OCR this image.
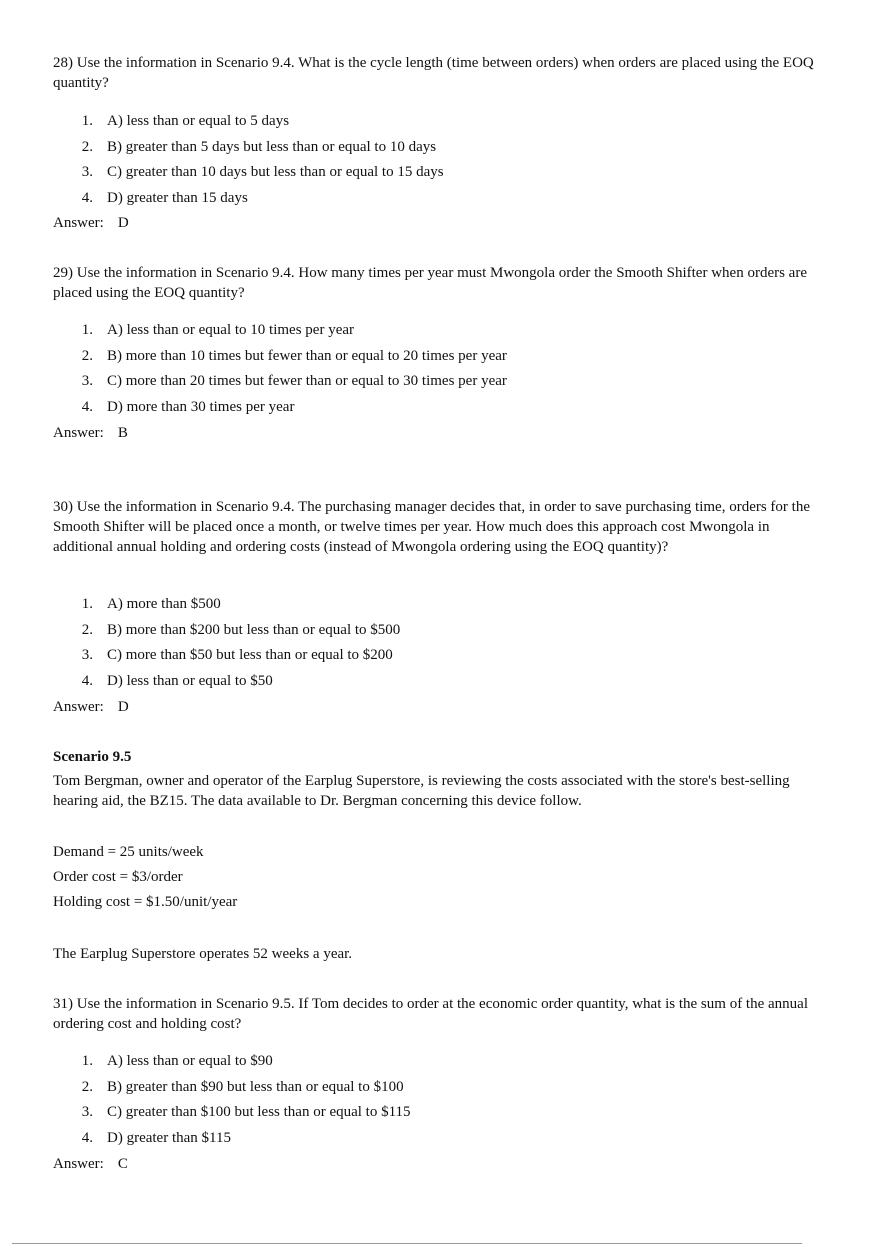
28) Use the information in Scenario 9.4. What is the cycle length (time between orders) when orders are placed using the EOQ quantity?

1. A) less than or equal to 5 days
2. B) greater than 5 days but less than or equal to 10 days
3. C) greater than 10 days but less than or equal to 15 days
4. D) greater than 15 days
Answer: D

29) Use the information in Scenario 9.4. How many times per year must Mwongola order the Smooth Shifter when orders are placed using the EOQ quantity?

1. A) less than or equal to 10 times per year
2. B) more than 10 times but fewer than or equal to 20 times per year
3. C) more than 20 times but fewer than or equal to 30 times per year
4. D) more than 30 times per year
Answer: B

30) Use the information in Scenario 9.4. The purchasing manager decides that, in order to save purchasing time, orders for the Smooth Shifter will be placed once a month, or twelve times per year. How much does this approach cost Mwongola in additional annual holding and ordering costs (instead of Mwongola ordering using the EOQ quantity)?

1. A) more than $500
2. B) more than $200 but less than or equal to $500
3. C) more than $50 but less than or equal to $200
4. D) less than or equal to $50
Answer: D
Scenario 9.5

Tom Bergman, owner and operator of the Earplug Superstore, is reviewing the costs associated with the store's best-selling hearing aid, the BZ15. The data available to Dr. Bergman concerning this device follow.

Demand = 25 units/week
Order cost = $3/order
Holding cost = $1.50/unit/year
The Earplug Superstore operates 52 weeks a year.

31) Use the information in Scenario 9.5. If Tom decides to order at the economic order quantity, what is the sum of the annual ordering cost and holding cost?

1. A) less than or equal to $90
2. B) greater than $90 but less than or equal to $100
3. C) greater than $100 but less than or equal to $115
4. D) greater than $115
Answer: C
